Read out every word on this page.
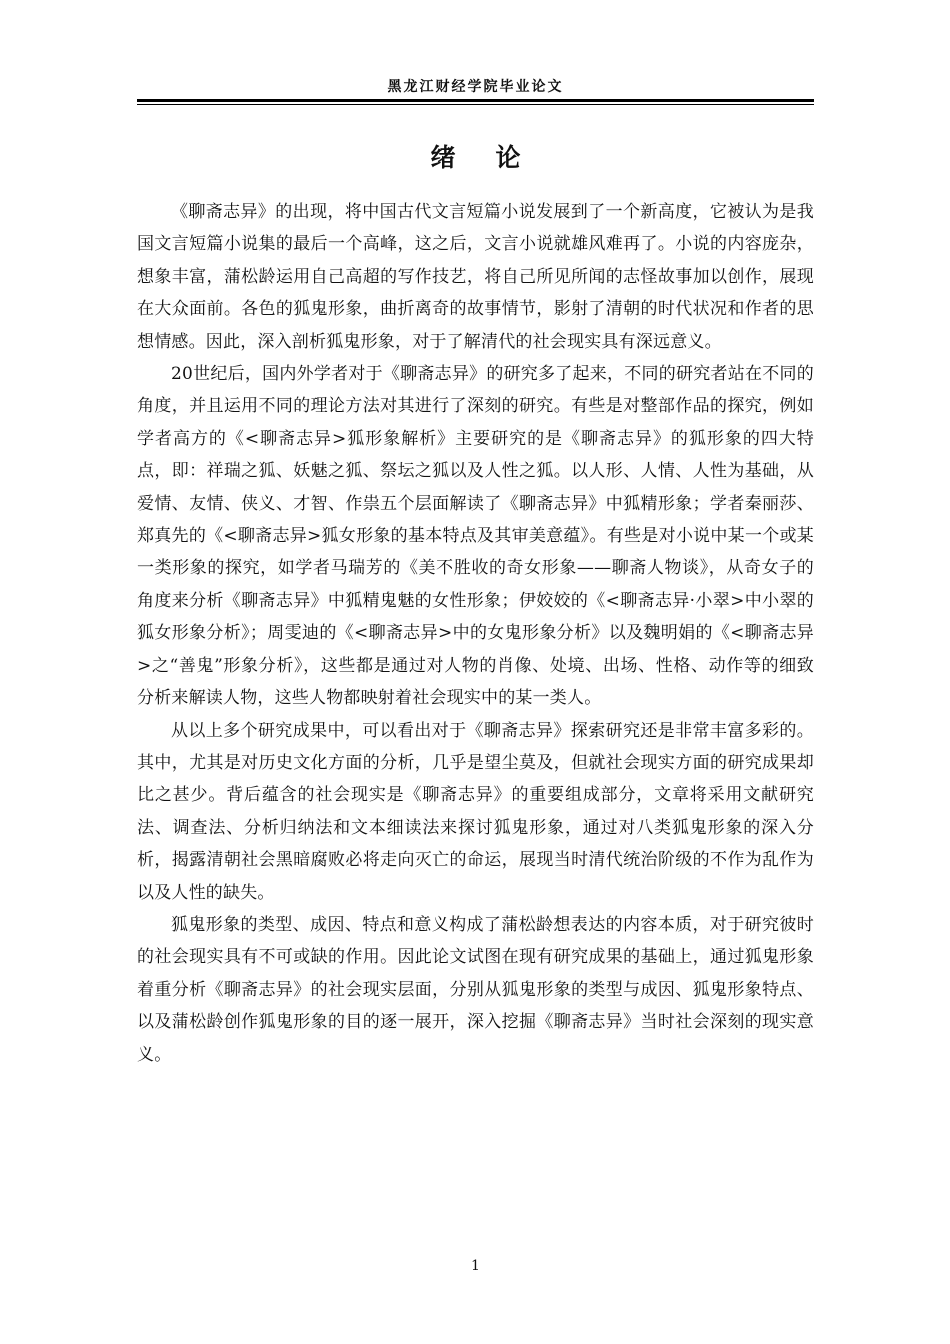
黑龙江财经学院毕业论文
绪论

《聊斋志异》的出现，将中国古代文言短篇小说发展到了一个新高度，它被认为是我国文言短篇小说集的最后一个高峰，这之后，文言小说就雄风难再了。小说的内容庞杂，想象丰富，蒲松龄运用自己高超的写作技艺，将自己所见所闻的志怪故事加以创作，展现在大众面前。各色的狐鬼形象，曲折离奇的故事情节，影射了清朝的时代状况和作者的思想情感。因此，深入剖析狐鬼形象，对于了解清代的社会现实具有深远意义。

20世纪后，国内外学者对于《聊斋志异》的研究多了起来，不同的研究者站在不同的角度，并且运用不同的理论方法对其进行了深刻的研究。有些是对整部作品的探究，例如学者高方的《<聊斋志异>狐形象解析》主要研究的是《聊斋志异》的狐形象的四大特点，即：祥瑞之狐、妖魅之狐、祭坛之狐以及人性之狐。以人形、人情、人性为基础，从爱情、友情、侠义、才智、作祟五个层面解读了《聊斋志异》中狐精形象；学者秦丽莎、郑真先的《<聊斋志异>狐女形象的基本特点及其审美意蕴》。有些是对小说中某一个或某一类形象的探究，如学者马瑞芳的《美不胜收的奇女形象——聊斋人物谈》，从奇女子的角度来分析《聊斋志异》中狐精鬼魅的女性形象；伊姣姣的《<聊斋志异·小翠>中小翠的狐女形象分析》；周雯迪的《<聊斋志异>中的女鬼形象分析》以及魏明娟的《<聊斋志异>之“善鬼”形象分析》，这些都是通过对人物的肖像、处境、出场、性格、动作等的细致分析来解读人物，这些人物都映射着社会现实中的某一类人。

从以上多个研究成果中，可以看出对于《聊斋志异》探索研究还是非常丰富多彩的。其中，尤其是对历史文化方面的分析，几乎是望尘莫及，但就社会现实方面的研究成果却比之甚少。背后蕴含的社会现实是《聊斋志异》的重要组成部分，文章将采用文献研究法、调查法、分析归纳法和文本细读法来探讨狐鬼形象，通过对八类狐鬼形象的深入分析，揭露清朝社会黑暗腐败必将走向灭亡的命运，展现当时清代统治阶级的不作为乱作为以及人性的缺失。

狐鬼形象的类型、成因、特点和意义构成了蒲松龄想表达的内容本质，对于研究彼时的社会现实具有不可或缺的作用。因此论文试图在现有研究成果的基础上，通过狐鬼形象着重分析《聊斋志异》的社会现实层面，分别从狐鬼形象的类型与成因、狐鬼形象特点、以及蒲松龄创作狐鬼形象的目的逐一展开，深入挖掘《聊斋志异》当时社会深刻的现实意义。

1
